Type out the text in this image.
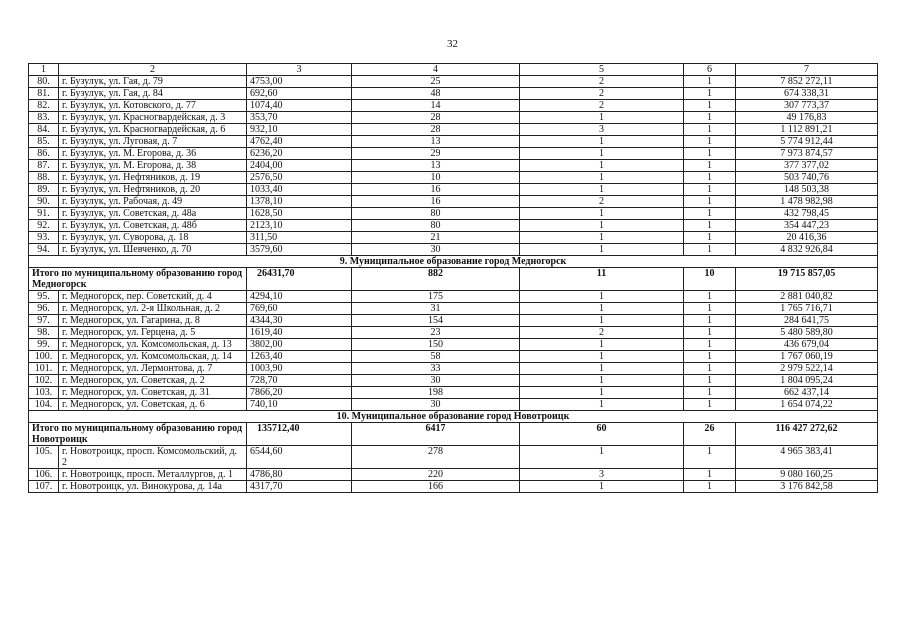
32
1	2	3	4	5	6	7
80.	г. Бузулук, ул. Гая, д. 79	4753,00	25	2	1	7 852 272,11
81.	г. Бузулук, ул. Гая, д. 84	692,60	48	2	1	674 338,31
82.	г. Бузулук, ул. Котовского, д. 77	1074,40	14	2	1	307 773,37
83.	г. Бузулук, ул. Красногвардейская, д. 3	353,70	28	1	1	49 176,83
84.	г. Бузулук, ул. Красногвардейская, д. 6	932,10	28	3	1	1 112 891,21
85.	г. Бузулук, ул. Луговая, д. 7	4762,40	13	1	1	5 774 912,44
86.	г. Бузулук, ул. М. Егорова, д. 36	6236,20	29	1	1	7 973 874,57
87.	г. Бузулук, ул. М. Егорова, д. 38	2404,00	13	1	1	377 377,02
88.	г. Бузулук, ул. Нефтяников, д. 19	2576,50	10	1	1	503 740,76
89.	г. Бузулук, ул. Нефтяников, д. 20	1033,40	16	1	1	148 503,38
90.	г. Бузулук, ул. Рабочая, д. 49	1378,10	16	2	1	1 478 982,98
91.	г. Бузулук, ул. Советская, д. 48а	1628,50	80	1	1	432 798,45
92.	г. Бузулук, ул. Советская, д. 48б	2123,10	80	1	1	354 447,23
93.	г. Бузулук, ул. Суворова, д. 18	311,50	21	1	1	20 416,36
94.	г. Бузулук, ул. Шевченко, д. 70	3579,60	30	1	1	4 832 926,84
9. Муниципальное образование город Медногорск						
Итого по муниципальному образованию город Медногорск		26431,70	882	11	10	19 715 857,05
95.	г. Медногорск, пер. Советский, д. 4	4294,10	175	1	1	2 881 040,82
96.	г. Медногорск, ул. 2-я Школьная, д. 2	769,60	31	1	1	1 765 716,71
97.	г. Медногорск, ул. Гагарина, д. 8	4344,30	154	1	1	284 641,75
98.	г. Медногорск, ул. Герцена, д. 5	1619,40	23	2	1	5 480 589,80
99.	г. Медногорск, ул. Комсомольская, д. 13	3802,00	150	1	1	436 679,04
100.	г. Медногорск, ул. Комсомольская, д. 14	1263,40	58	1	1	1 767 060,19
101.	г. Медногорск, ул. Лермонтова, д. 7	1003,90	33	1	1	2 979 522,14
102.	г. Медногорск, ул. Советская, д. 2	728,70	30	1	1	1 804 095,24
103.	г. Медногорск, ул. Советская, д. 31	7866,20	198	1	1	662 437,14
104.	г. Медногорск, ул. Советская, д. 6	740,10	30	1	1	1 654 074,22
10. Муниципальное образование город Новотроицк						
Итого по муниципальному образованию город Новотроицк		135712,40	6417	60	26	116 427 272,62
105.	г. Новотроицк, просп. Комсомольский, д. 2	6544,60	278	1	1	4 965 383,41
106.	г. Новотроицк, просп. Металлургов, д. 1	4786,80	220	3	1	9 080 160,25
107.	г. Новотроицк, ул. Винокурова, д. 14а	4317,70	166	1	1	3 176 842,58
